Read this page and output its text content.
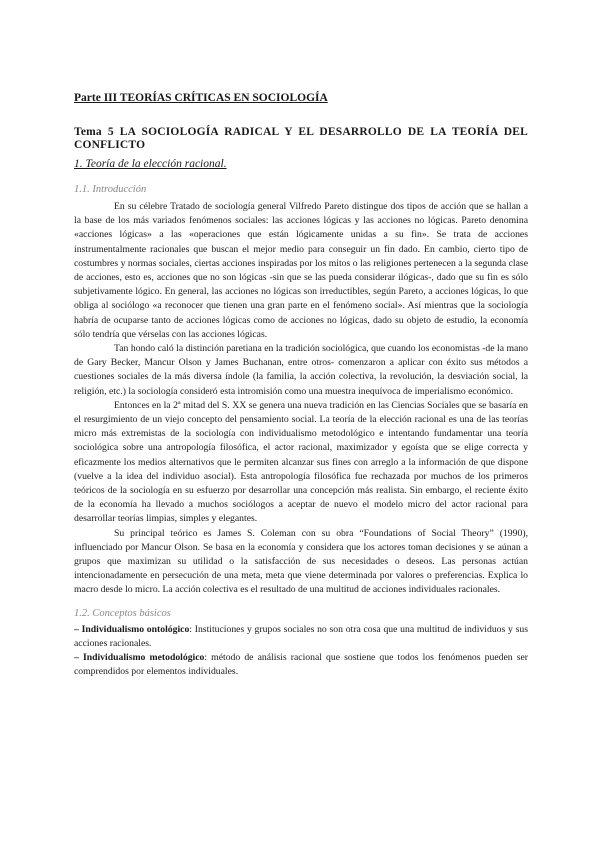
Parte III TEORÍAS CRÍTICAS EN SOCIOLOGÍA

Tema 5 LA SOCIOLOGÍA RADICAL Y EL DESARROLLO DE LA TEORÍA DEL CONFLICTO

1. Teoría de la elección racional.

1.1. Introducción

En su célebre Tratado de sociología general Vilfredo Pareto distingue dos tipos de acción que se hallan a la base de los más variados fenómenos sociales: las acciones lógicas y las acciones no lógicas. Pareto denomina «acciones lógicas» a las «operaciones que están lógicamente unidas a su fin». Se trata de acciones instrumentalmente racionales que buscan el mejor medio para conseguir un fin dado. En cambio, cierto tipo de costumbres y normas sociales, ciertas acciones inspiradas por los mitos o las religiones pertenecen a la segunda clase de acciones, esto es, acciones que no son lógicas -sin que se las pueda considerar ilógicas-, dado que su fin es sólo subjetivamente lógico. En general, las acciones no lógicas son irreductibles, según Pareto, a acciones lógicas, lo que obliga al sociólogo «a reconocer que tienen una gran parte en el fenómeno social». Así mientras que la sociología habría de ocuparse tanto de acciones lógicas como de acciones no lógicas, dado su objeto de estudio, la economía sólo tendría que vérselas con las acciones lógicas.

Tan hondo caló la distinción paretiana en la tradición sociológica, que cuando los economistas -de la mano de Gary Becker, Mancur Olson y James Buchanan, entre otros- comenzaron a aplicar con éxito sus métodos a cuestiones sociales de la más diversa índole (la familia, la acción colectiva, la revolución, la desviación social, la religión, etc.) la sociología consideró esta intromisión como una muestra inequívoca de imperialismo económico.

Entonces en la 2ª mitad del S. XX se genera una nueva tradición en las Ciencias Sociales que se basaría en el resurgimiento de un viejo concepto del pensamiento social. La teoría de la elección racional es una de las teorías micro más extremistas de la sociología con individualismo metodológico e intentando fundamentar una teoría sociológica sobre una antropología filosófica, el actor racional, maximizador y egoísta que se elige correcta y eficazmente los medios alternativos que le permiten alcanzar sus fines con arreglo a la información de que dispone (vuelve a la idea del individuo asocial). Esta antropología filosófica fue rechazada por muchos de los primeros teóricos de la sociología en su esfuerzo por desarrollar una concepción más realista. Sin embargo, el reciente éxito de la economía ha llevado a muchos sociólogos a aceptar de nuevo el modelo micro del actor racional para desarrollar teorías limpias, simples y elegantes.

Su principal teórico es James S. Coleman con su obra “Foundations of Social Theory” (1990), influenciado por Mancur Olson. Se basa en la economía y considera que los actores toman decisiones y se aúnan a grupos que maximizan su utilidad o la satisfacción de sus necesidades o deseos. Las personas actúan intencionadamente en persecución de una meta, meta que viene determinada por valores o preferencias. Explica lo macro desde lo micro. La acción colectiva es el resultado de una multitud de acciones individuales racionales.

1.2. Conceptos básicos

– Individualismo ontológico: Instituciones y grupos sociales no son otra cosa que una multitud de individuos y sus acciones racionales.

– Individualismo metodológico: método de análisis racional que sostiene que todos los fenómenos pueden ser comprendidos por elementos individuales.
